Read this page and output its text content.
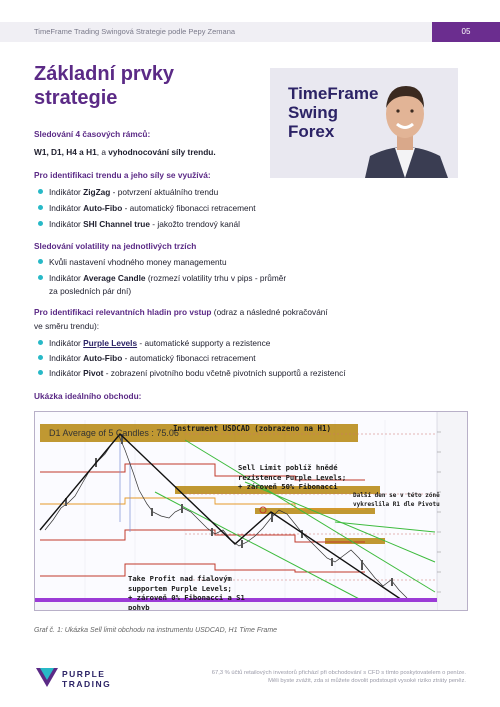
TimeFrame Trading Swingová Strategie podle Pepy Zemana	05
Základní prvky
strategie	TimeFrame
Swing
Forex
Sledování 4 časových rámců:
W1, D1, H4 a H1, a vyhodnocování síly trendu.
Pro identifikaci trendu a jeho síly se využívá:
Indikátor ZigZag - potvrzení aktuálního trendu
Indikátor Auto-Fibo - automatický fibonacci retracement
Indikátor SHI Channel true - jakožto trendový kanál
Sledování volatility na jednotlivých trzích
Kvůli nastavení vhodného money managementu
Indikátor Average Candle (rozmezí volatility trhu v pips - průměr
za posledních pár dní)
Pro identifikaci relevantních hladin pro vstup (odraz a následné pokračování
ve směru trendu):
Indikátor Purple Levels - automatické supporty a rezistence
Indikátor Auto-Fibo - automatický fibonacci retracement
Indikátor Pivot - zobrazení pivotního bodu včetně pivotních supportů a rezistencí
Ukázka ideálního obchodu:
D1 Average of 5 Candles : 75.06
Instrument USDCAD (zobrazeno na H1)
Sell Limit poblíž hnědé
rezistence Purple Levels;
+ zároveň 50% Fibonacci
Další den se v této zóně
vykreslila R1 dle Pivotu
Take Profit nad fialovým
supportem Purple Levels;
+ zároveň 0% Fibonacci a S1
pohyb
Graf č. 1: Ukázka Sell limit obchodu na instrumentu USDCAD, H1 Time Frame
PURPLE
TRADING
67,3 % účtů retailových investorů přichází při obchodování s CFD s tímto poskytovatelem o peníze.
Měli byste zvážit, zda si můžete dovolit podstoupit vysoké riziko ztráty peněz.
